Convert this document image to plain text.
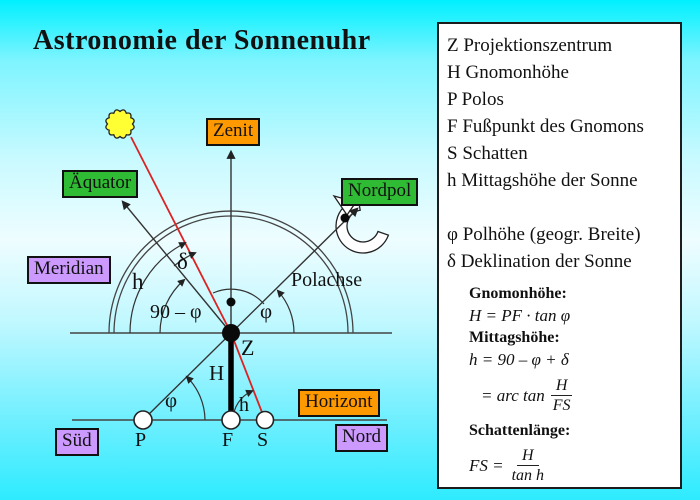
Astronomie der Sonnenuhr
Zenit
Äquator	Nordpol
Meridian
Horizont
Süd	Nord
Polachse
h
δ
90 – φ	φ
Z
H
φ	h
P	F S
Z Projektionszentrum
H Gnomonhöhe
P Polos
F Fußpunkt des Gnomons
S Schatten
h Mittagshöhe der Sonne
φ Polhöhe (geogr. Breite)
δ Deklination der Sonne
Gnomonhöhe:
H = PF · tan φ
Mittagshöhe:
h = 90 – φ + δ
= arc $\tan \frac{H}{FS}$
Schattenlänge:
FS = $\frac{H}{\text{tan h}}$
